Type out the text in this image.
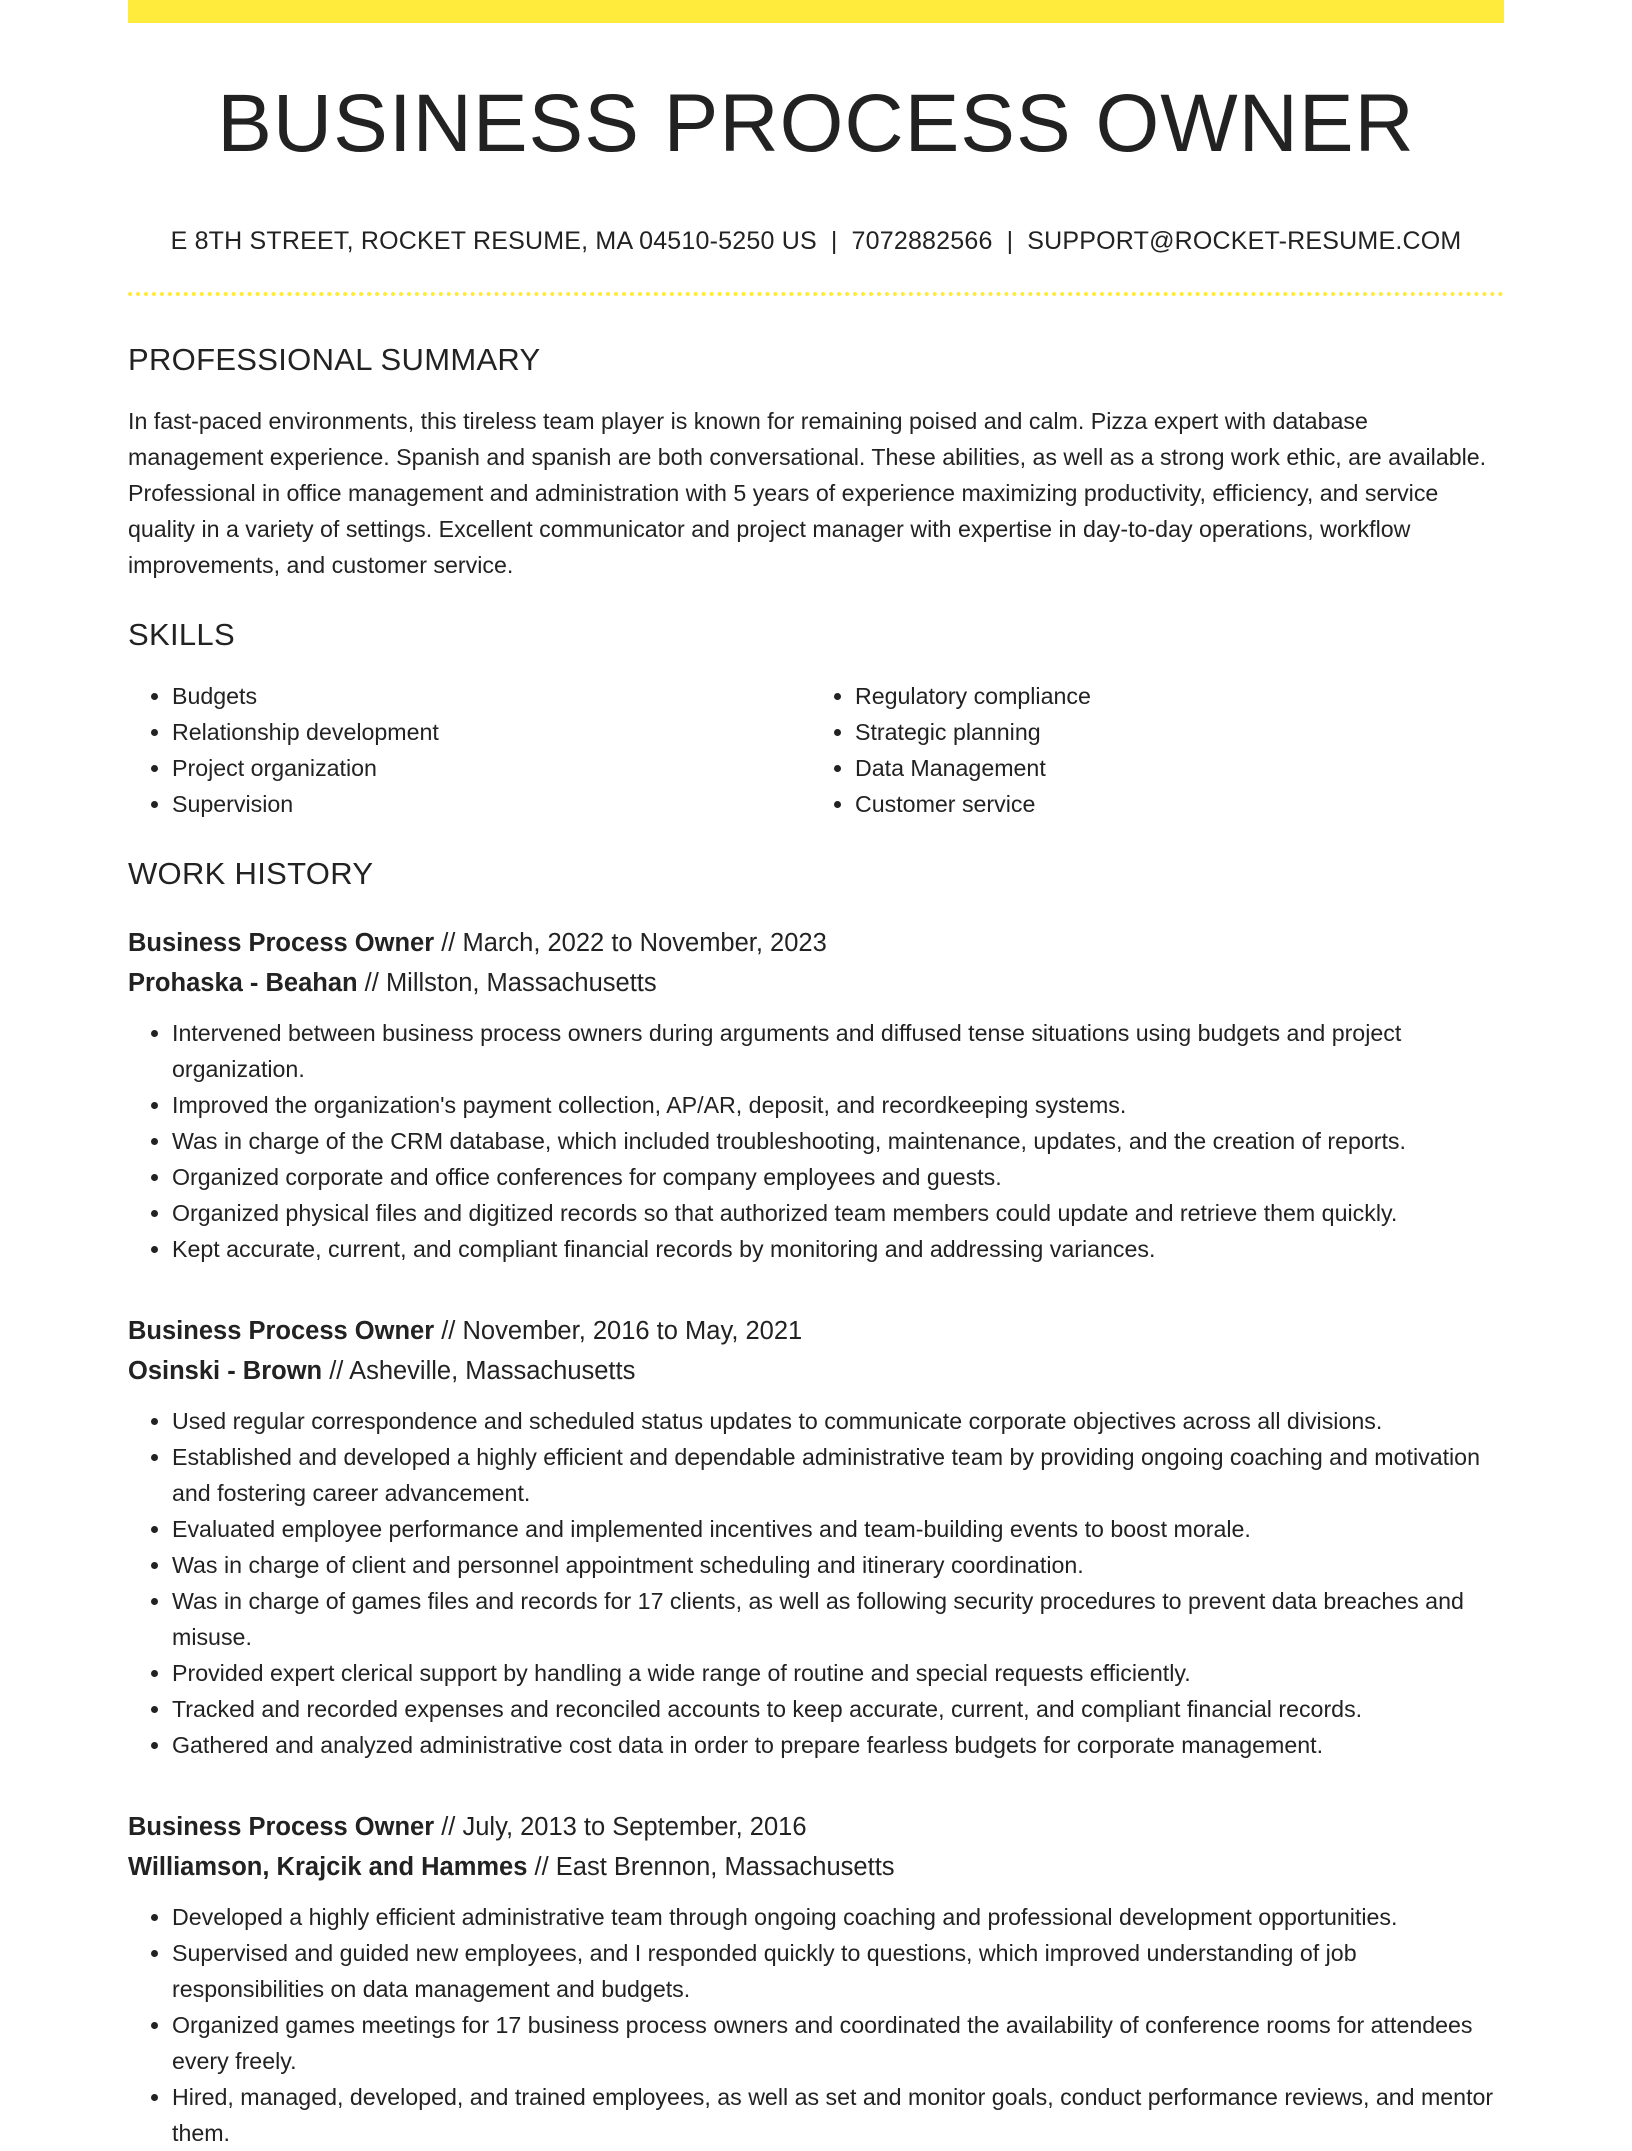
BUSINESS PROCESS OWNER
E 8TH STREET, ROCKET RESUME, MA 04510-5250 US | 7072882566 | SUPPORT@ROCKET-RESUME.COM
PROFESSIONAL SUMMARY

In fast-paced environments, this tireless team player is known for remaining poised and calm. Pizza expert with database management experience. Spanish and spanish are both conversational. These abilities, as well as a strong work ethic, are available. Professional in office management and administration with 5 years of experience maximizing productivity, efficiency, and service quality in a variety of settings. Excellent communicator and project manager with expertise in day-to-day operations, workflow improvements, and customer service.

SKILLS
• Budgets
• Relationship development
• Project organization
• Supervision
• Regulatory compliance
• Strategic planning
• Data Management
• Customer service
WORK HISTORY
Business Process Owner // March, 2022 to November, 2023
Prohaska - Beahan // Millston, Massachusetts
• Intervened between business process owners during arguments and diffused tense situations using budgets and project organization.
• Improved the organization's payment collection, AP/AR, deposit, and recordkeeping systems.
• Was in charge of the CRM database, which included troubleshooting, maintenance, updates, and the creation of reports.
• Organized corporate and office conferences for company employees and guests.
• Organized physical files and digitized records so that authorized team members could update and retrieve them quickly.
• Kept accurate, current, and compliant financial records by monitoring and addressing variances.
Business Process Owner // November, 2016 to May, 2021
Osinski - Brown // Asheville, Massachusetts
• Used regular correspondence and scheduled status updates to communicate corporate objectives across all divisions.
• Established and developed a highly efficient and dependable administrative team by providing ongoing coaching and motivation and fostering career advancement.
• Evaluated employee performance and implemented incentives and team-building events to boost morale.
• Was in charge of client and personnel appointment scheduling and itinerary coordination.
• Was in charge of games files and records for 17 clients, as well as following security procedures to prevent data breaches and misuse.
• Provided expert clerical support by handling a wide range of routine and special requests efficiently.
• Tracked and recorded expenses and reconciled accounts to keep accurate, current, and compliant financial records.
• Gathered and analyzed administrative cost data in order to prepare fearless budgets for corporate management.
Business Process Owner // July, 2013 to September, 2016
Williamson, Krajcik and Hammes // East Brennon, Massachusetts
• Developed a highly efficient administrative team through ongoing coaching and professional development opportunities.
• Supervised and guided new employees, and I responded quickly to questions, which improved understanding of job responsibilities on data management and budgets.
• Organized games meetings for 17 business process owners and coordinated the availability of conference rooms for attendees every freely.
• Hired, managed, developed, and trained employees, as well as set and monitor goals, conduct performance reviews, and mentor them.
